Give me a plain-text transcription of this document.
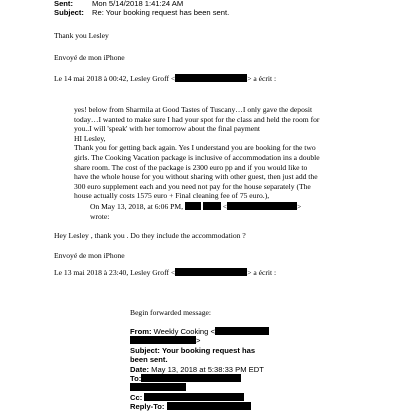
Sent:	Mon 5/14/2018 1:41:24 AM
Subject: Re: Your booking request has been sent.
Thank you Lesley
Envoyé de mon iPhone
Le 14 mai 2018 à 00:42, Lesley Groff <	> a écrit :
yes! below from Sharmila at Good Tastes of Tuscany…I only gave the deposit
today…I wanted to make sure I had your spot for the class and held the room for
you..I will 'speak' with her tomorrow about the final payment
HI Lesley,
Thank you for getting back again. Yes I understand you are booking for the two
girls. The Cooking Vacation package is inclusive of accommodation ins a double
share room. The cost of the package is 2300 euro pp and if you would like to
have the whole house for you without sharing with other guest, then just add the
300 euro supplement each and you need not pay for the house separately (The
house actually costs 1575 euro + Final cleaning fee of 75 euro.),
On May 13, 2018, at 6:06 PM,	<	>
wrote:
Hey Lesley , thank you . Do they include the accommodation ?
Envoyé de mon iPhone
Le 13 mai 2018 à 23:40, Lesley Groff <	> a écrit :
Begin forwarded message:
From: Weekly Cooking <
>
Subject: Your booking request has
been sent.
Date: May 13, 2018 at 5:38:33 PM EDT
To:
Cc:
Reply-To:
